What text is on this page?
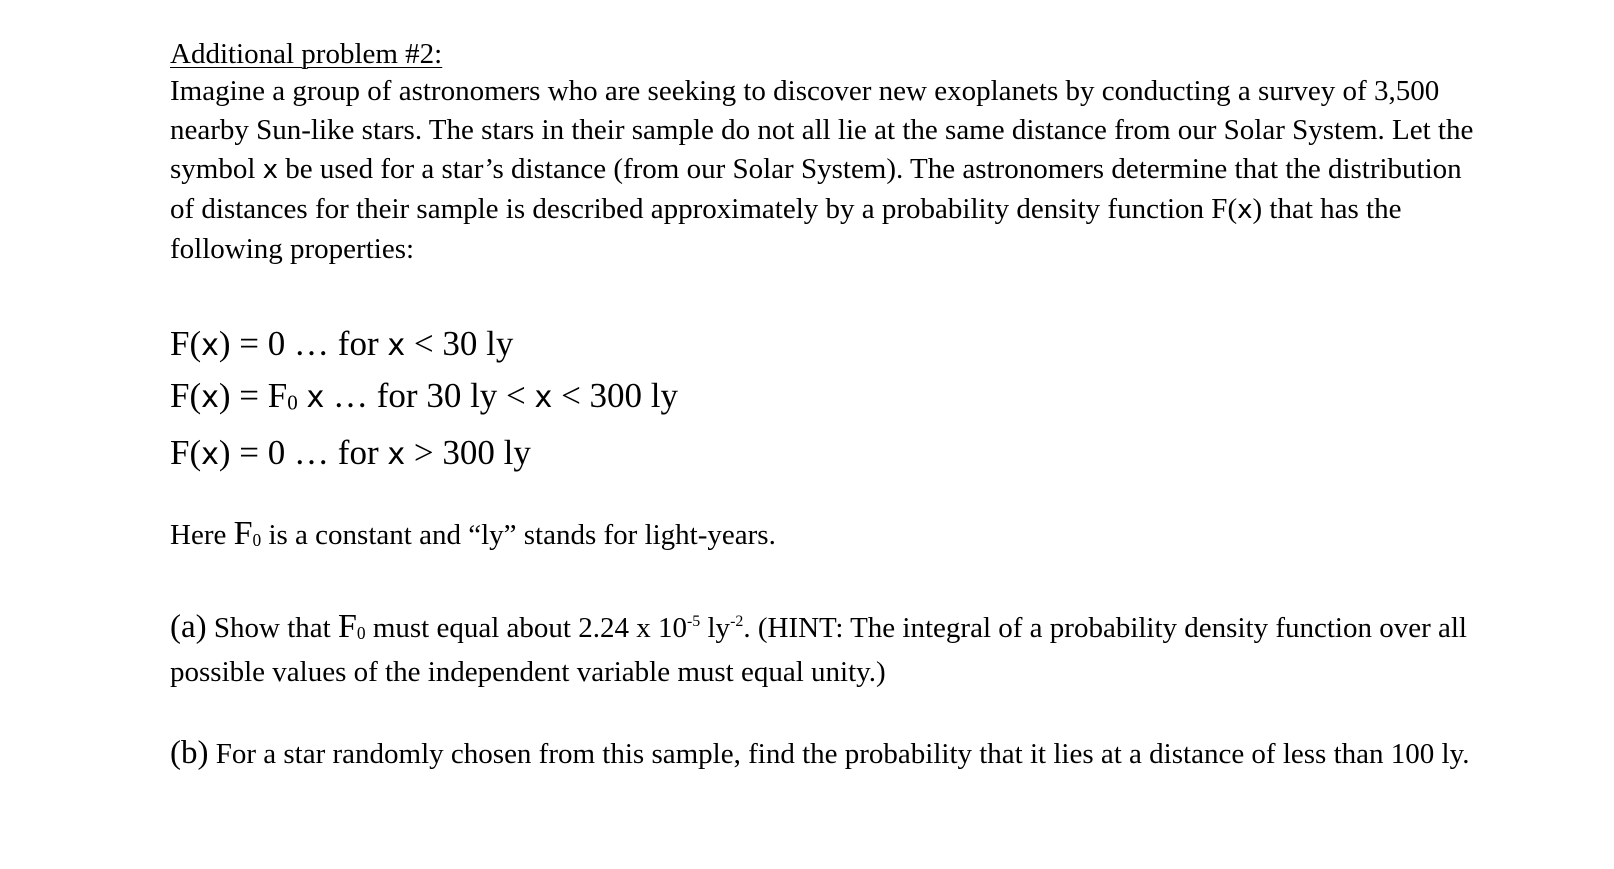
Additional problem #2:
Imagine a group of astronomers who are seeking to discover new exoplanets by conducting a survey of 3,500 nearby Sun-like stars. The stars in their sample do not all lie at the same distance from our Solar System. Let the symbol x be used for a star’s distance (from our Solar System). The astronomers determine that the distribution of distances for their sample is described approximately by a probability density function F(x) that has the following properties:
F(x) = 0 … for x < 30 ly
F(x) = F0 x … for 30 ly < x < 300 ly
F(x) = 0 … for x > 300 ly
Here F0 is a constant and “ly” stands for light-years.
(a) Show that F0 must equal about 2.24 x $10^{-5}$ $ly^{-2}$. (HINT: The integral of a probability density function over all possible values of the independent variable must equal unity.)
(b) For a star randomly chosen from this sample, find the probability that it lies at a distance of less than 100 ly.
